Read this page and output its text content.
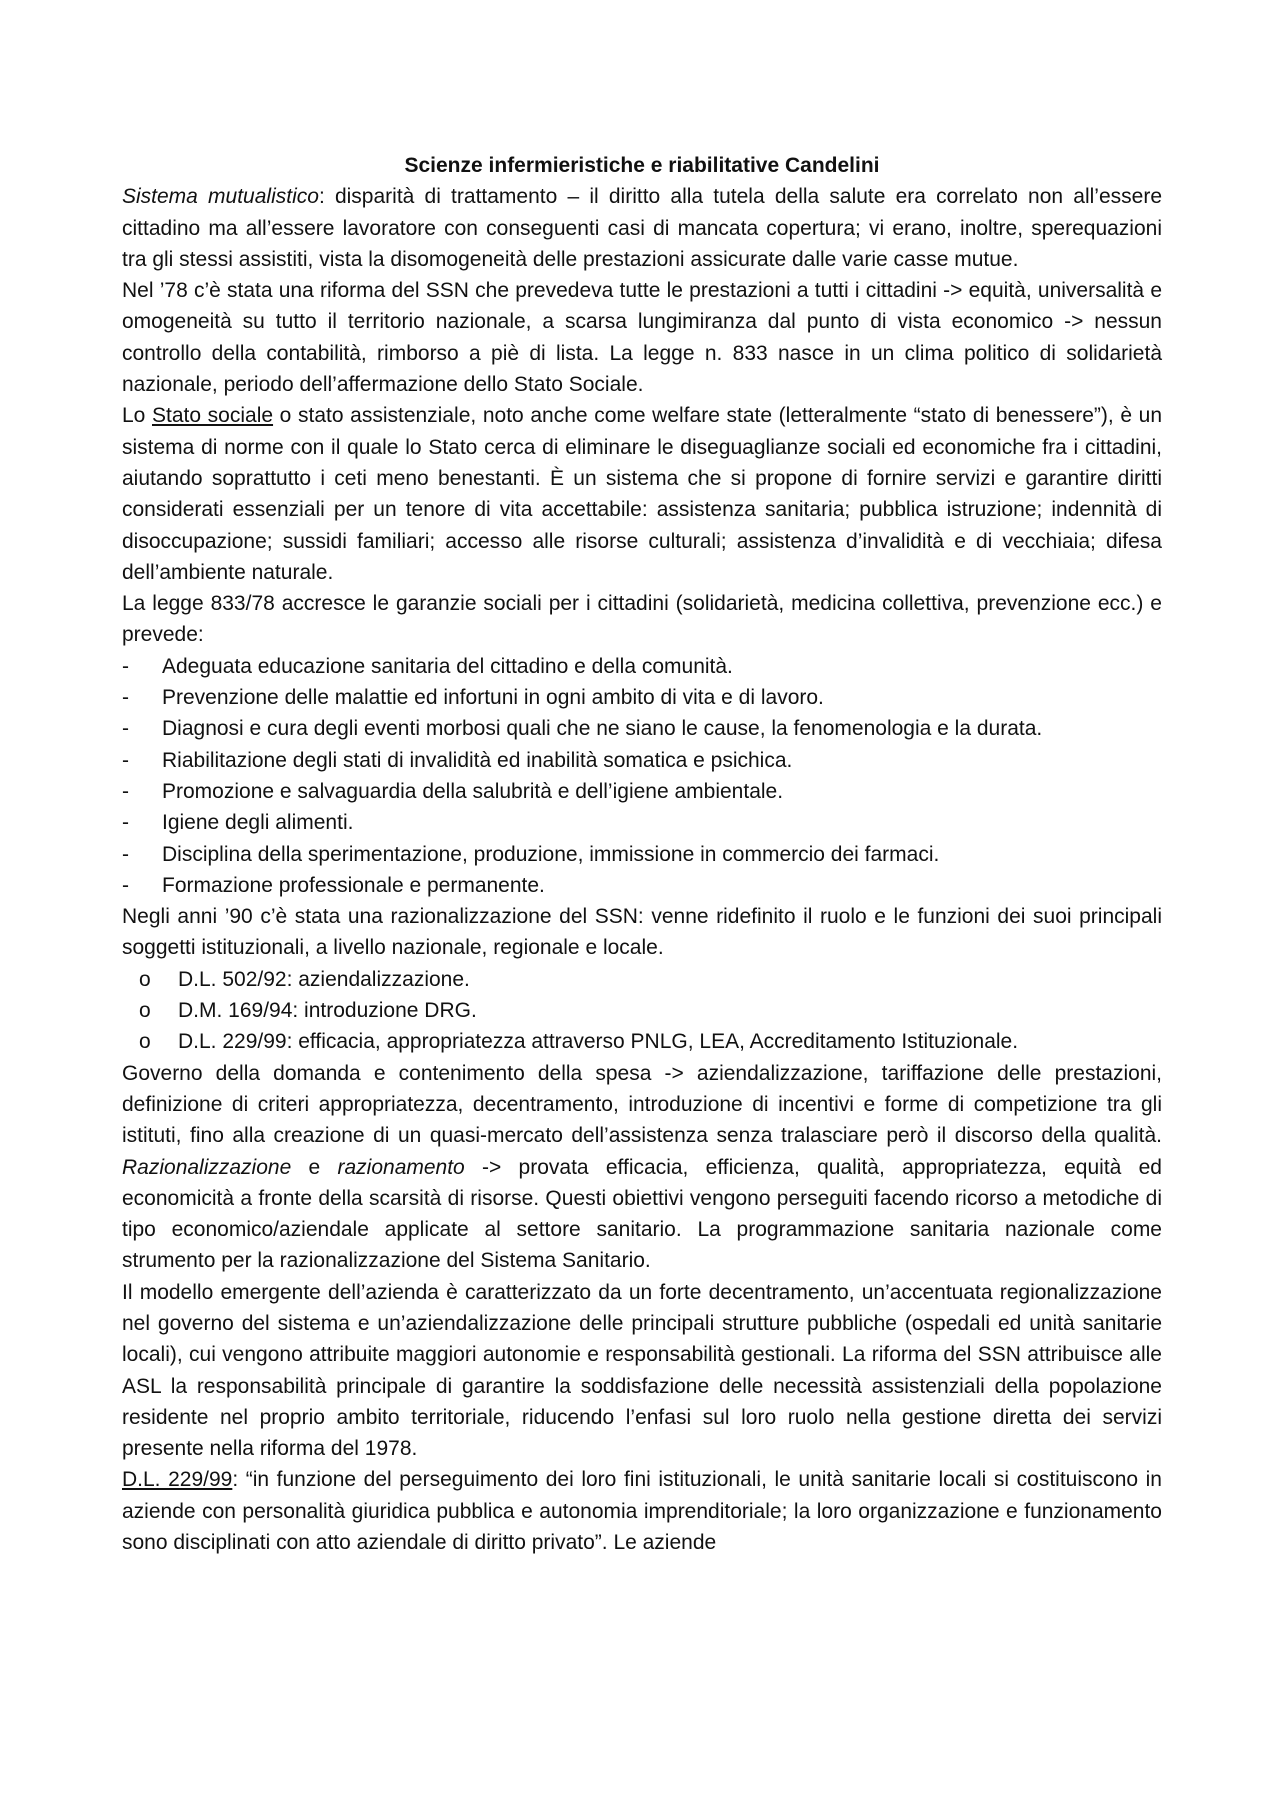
Scienze infermieristiche e riabilitative Candelini

Sistema mutualistico: disparità di trattamento – il diritto alla tutela della salute era correlato non all’essere cittadino ma all’essere lavoratore con conseguenti casi di mancata copertura; vi erano, inoltre, sperequazioni tra gli stessi assistiti, vista la disomogeneità delle prestazioni assicurate dalle varie casse mutue.

Nel ’78 c’è stata una riforma del SSN che prevedeva tutte le prestazioni a tutti i cittadini -> equità, universalità e omogeneità su tutto il territorio nazionale, a scarsa lungimiranza dal punto di vista economico -> nessun controllo della contabilità, rimborso a piè di lista. La legge n. 833 nasce in un clima politico di solidarietà nazionale, periodo dell’affermazione dello Stato Sociale.

Lo Stato sociale o stato assistenziale, noto anche come welfare state (letteralmente “stato di benessere”), è un sistema di norme con il quale lo Stato cerca di eliminare le diseguaglianze sociali ed economiche fra i cittadini, aiutando soprattutto i ceti meno benestanti. È un sistema che si propone di fornire servizi e garantire diritti considerati essenziali per un tenore di vita accettabile: assistenza sanitaria; pubblica istruzione; indennità di disoccupazione; sussidi familiari; accesso alle risorse culturali; assistenza d’invalidità e di vecchiaia; difesa dell’ambiente naturale.

La legge 833/78 accresce le garanzie sociali per i cittadini (solidarietà, medicina collettiva, prevenzione ecc.) e prevede:

- Adeguata educazione sanitaria del cittadino e della comunità.
- Prevenzione delle malattie ed infortuni in ogni ambito di vita e di lavoro.
- Diagnosi e cura degli eventi morbosi quali che ne siano le cause, la fenomenologia e la durata.
- Riabilitazione degli stati di invalidità ed inabilità somatica e psichica.
- Promozione e salvaguardia della salubrità e dell’igiene ambientale.
- Igiene degli alimenti.
- Disciplina della sperimentazione, produzione, immissione in commercio dei farmaci.
- Formazione professionale e permanente.

Negli anni ’90 c’è stata una razionalizzazione del SSN: venne ridefinito il ruolo e le funzioni dei suoi principali soggetti istituzionali, a livello nazionale, regionale e locale.

o D.L. 502/92: aziendalizzazione.
o D.M. 169/94: introduzione DRG.
o D.L. 229/99: efficacia, appropriatezza attraverso PNLG, LEA, Accreditamento Istituzionale.

Governo della domanda e contenimento della spesa -> aziendalizzazione, tariffazione delle prestazioni, definizione di criteri appropriatezza, decentramento, introduzione di incentivi e forme di competizione tra gli istituti, fino alla creazione di un quasi-mercato dell’assistenza senza tralasciare però il discorso della qualità. Razionalizzazione e razionamento -> provata efficacia, efficienza, qualità, appropriatezza, equità ed economicità a fronte della scarsità di risorse. Questi obiettivi vengono perseguiti facendo ricorso a metodiche di tipo economico/aziendale applicate al settore sanitario. La programmazione sanitaria nazionale come strumento per la razionalizzazione del Sistema Sanitario.

Il modello emergente dell’azienda è caratterizzato da un forte decentramento, un’accentuata regionalizzazione nel governo del sistema e un’aziendalizzazione delle principali strutture pubbliche (ospedali ed unità sanitarie locali), cui vengono attribuite maggiori autonomie e responsabilità gestionali. La riforma del SSN attribuisce alle ASL la responsabilità principale di garantire la soddisfazione delle necessità assistenziali della popolazione residente nel proprio ambito territoriale, riducendo l’enfasi sul loro ruolo nella gestione diretta dei servizi presente nella riforma del 1978.

D.L. 229/99: “in funzione del perseguimento dei loro fini istituzionali, le unità sanitarie locali si costituiscono in aziende con personalità giuridica pubblica e autonomia imprenditoriale; la loro organizzazione e funzionamento sono disciplinati con atto aziendale di diritto privato”. Le aziende
